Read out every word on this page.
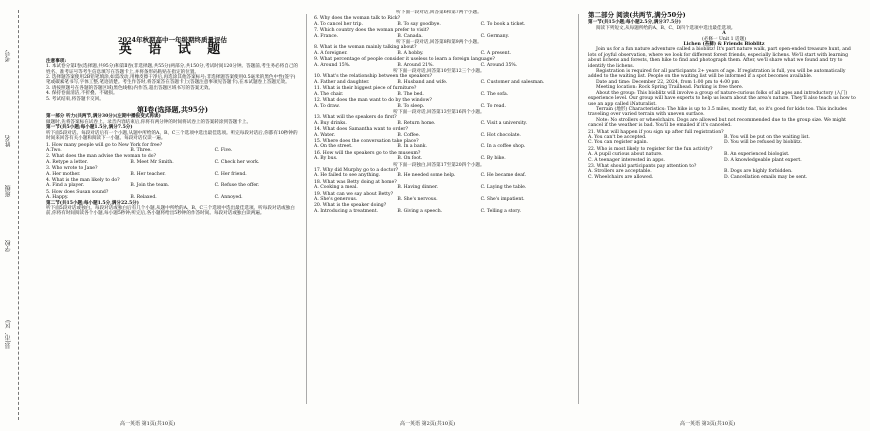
考号
姓名
班级
学校
县(市、区)
2024年秋期高中一年级期终质量评估
英 语 试 题
注意事项:

1. 本试卷分第Ⅰ卷(选择题,共95分)和第Ⅱ卷(非选择题,共55分)两部分,共150分,考试时间120分钟。答题前,考生务必将自己的姓名、准考证号等考生信息填写在答题卡上,并将条形码粘贴在指定的位置。

2. 选择题答案使用2B铅笔填涂,如需改动,用橡皮擦干净后,再选涂其他答案标号;非选择题答案使用0.5毫米的黑色中性(签字)笔或碳素笔书写,字体工整,笔迹清楚。考生作答时,将答案答在答题卡上(答题注意事项见答题卡),在本试题卷上答题无效。

3. 请按照题号在各题的答题区域(黑色线框)内作答,超出答题区域书写的答案无效。

4. 保持卷面清洁,不折叠、不破损。

5. 考试结束,将答题卡交回。

第Ⅰ卷(选择题,共95分)
第一部分 听力(共两节,满分30分)(左期中播报变式再谈)

做题时,先将答案标在试卷上。录音内容结束后,你将有两分钟的时间将试卷上的答案转涂到答题卡上。

第一节(共5小题;每小题1.5分,满分7.5分)

听下面5段对话。每段对话后有一个小题,从题中所给的A、B、C三个选项中选出最佳选项。听完每段对话后,你都有10秒钟的时间来回答有关小题和阅读下一小题。每段对话仅读一遍。

1. How many people will go to New York for free?

A.Two.	B. Three.	C. Five.

2. What does the man advise the woman to do?

A. Retype a letter.	B. Meet Mr Smith.	C. Check her work.

3. Who wrote to Jane?

A. Her mother.	B. Her teacher.	C. Her friend.

4. What is the man likely to do?

A. Find a player.	B. Join the team.	C. Refuse the offer.

5. How does Susan sound?

A. Happy.	B. Relaxed.	C. Annoyed.
第二节(共15小题;每小题1.5分,满分22.5分)

听下面5段对话或独白。每段对话或独白后有几个小题,从题中所给的A、B、C三个选项中选出最佳选项。听每段对话或独白前,你将有时间阅读各个小题,每小题5秒钟;听完后,各小题将给出5秒钟的作答时间。每段对话或独白读两遍。

听下面一段对话,回答第6和第7两个小题。

6. Why does the woman talk to Rick?

A. To cancel her trip.	B. To say goodbye.	C. To book a ticket.

7. Which country does the woman prefer to visit?

A. France.	B. Canada.	C. Germany.

听下面一段对话,回答第8和第9两个小题。

8. What is the woman mainly talking about?

A. A foreigner.	B. A hobby.	C. A present.

9. What percentage of people consider it useless to learn a foreign language?

A. Around 15%.	B. Around 21%.	C. Around 35%.

听下面一段对话,回答第10至第12三个小题。

10. What's the relationship between the speakers?

A. Father and daughter.	B. Husband and wife.	C. Customer and salesman.

11. What is their biggest piece of furniture?

A. The chair.	B. The bed.	C. The sofa.

12. What does the man want to do by the window?

A. To draw.	B. To sleep.	C. To read.

听下面一段对话,回答第13至第16四个小题。

13. What will the speakers do first?

A. Buy drinks.	B. Return home.	C. Visit a university.

14. What does Samantha want to order?

A. Water.	B. Coffee.	C. Hot chocolate.

15. Where does the conversation take place?

A. On the street.	B. In a bank.	C. In a coffee shop.

16. How will the speakers go to the museum?

A. By bus.	B. On foot.	C. By bike.

听下面一段独白,回答第17至第20四个小题。

17. Why did Murphy go to a doctor?

A. He failed to see anything.	B. He needed some help.	C. He became deaf.

18. What was Betty doing at home?

A. Cooking a meal.	B. Having dinner.	C. Laying the table.

19. What can we say about Betty?

A. She's generous.	B. She's nervous.	C. She's impatient.

20. What is the speaker doing?

A. Introducing a treatment.	B. Giving a speech.	C. Telling a story.
第二部分 阅读(共两节,满分50分)
第一节(共15小题;每小题2.5分,满分37.5分)

阅读下列短文,从每题所给的A、B、C、D四个选项中选出最佳选项。

A

(必修一 Unit 1 话题)

Lichen (苔藓) & Friends Bioblitz

Join us for a fun nature adventure called a bioblitz! It's part nature walk, part open-ended treasure hunt, and lots of joyful observation, where we look for different forest friends, especially lichens. We'll start with learning about lichens and forests, then hike to find and photograph them. After, we'll share what we found and try to identify the lichens.

Registration is required for all participants 2+ years of age. If registration is full, you will be automatically added to the waiting list. People on the waiting list will be informed if a spot becomes available.

Date and time: December 22, 2024, from 1:00 pm to 4:00 pm

Meeting location: Rock Spring Trailhead. Parking is free there.

About the group: This bioblitz will involve a group of nature-curious folks of all ages and introductory (入门) experience level. Our group will have experts to help us learn about the area's nature. They'll also teach us how to use an app called iNaturalist.

Terrain (地形) Characteristics: The hike is up to 3.5 miles, mostly flat, so it's good for kids too. This includes traveling over varied terrain with uneven surface.

Note: No strollers or wheelchairs. Dogs are allowed but not recommended due to the group size. We might cancel if the weather is bad. You'll be emailed if it's canceled.

21. What will happen if you sign up after full registration?

A. You can't be accepted.	B. You will be put on the waiting list.
C. You can register again.	D. You will be refused by bioblitz.

22. Who is most likely to register for the fun activity?

A. A pupil curious about nature.	B. An experienced biologist.
C. A teenager interested in apps.	D. A knowledgeable plant expert.

23. What should participants pay attention to?

A. Strollers are acceptable.	B. Dogs are highly forbidden.
C. Wheelchairs are allowed.	D. Cancellation emails may be sent.
高一英语 第1页(共10页)	高一英语 第2页(共10页)	高一英语 第3页(共10页)
